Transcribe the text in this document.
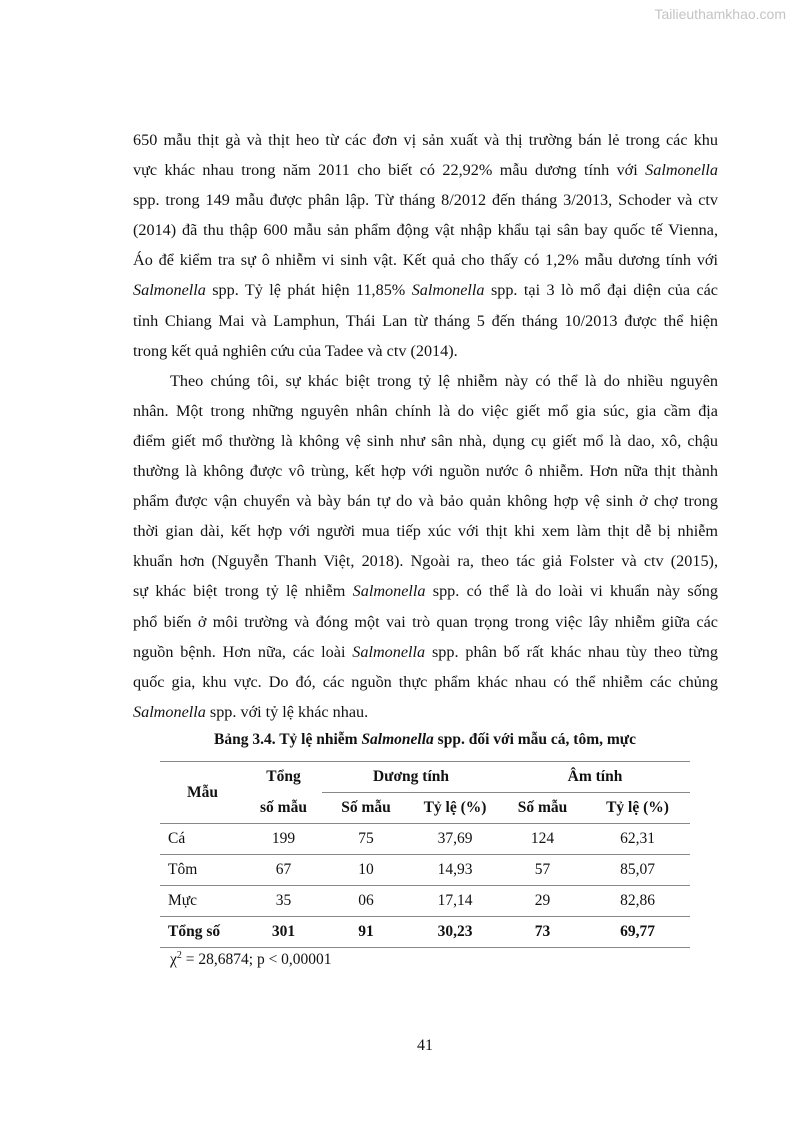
Tailieuthamkhao.com
650 mẫu thịt gà và thịt heo từ các đơn vị sản xuất và thị trường bán lẻ trong các khu
vực khác nhau trong năm 2011 cho biết có 22,92% mẫu dương tính với Salmonella
spp. trong 149 mẫu được phân lập. Từ tháng 8/2012 đến tháng 3/2013, Schoder và ctv
(2014) đã thu thập 600 mẫu sản phẩm động vật nhập khẩu tại sân bay quốc tế Vienna,
Áo để kiểm tra sự ô nhiễm vi sinh vật. Kết quả cho thấy có 1,2% mẫu dương tính với
Salmonella spp. Tỷ lệ phát hiện 11,85% Salmonella spp. tại 3 lò mổ đại diện của các
tỉnh Chiang Mai và Lamphun, Thái Lan từ tháng 5 đến tháng 10/2013 được thể hiện
trong kết quả nghiên cứu của Tadee và ctv (2014).
Theo chúng tôi, sự khác biệt trong tỷ lệ nhiễm này có thể là do nhiều nguyên
nhân. Một trong những nguyên nhân chính là do việc giết mổ gia súc, gia cầm địa
điểm giết mổ thường là không vệ sinh như sân nhà, dụng cụ giết mổ là dao, xô, chậu
thường là không được vô trùng, kết hợp với nguồn nước ô nhiễm. Hơn nữa thịt thành
phẩm được vận chuyển và bày bán tự do và bảo quản không hợp vệ sinh ở chợ trong
thời gian dài, kết hợp với người mua tiếp xúc với thịt khi xem làm thịt dễ bị nhiễm
khuẩn hơn (Nguyễn Thanh Việt, 2018). Ngoài ra, theo tác giả Folster và ctv (2015),
sự khác biệt trong tỷ lệ nhiễm Salmonella spp. có thể là do loài vi khuẩn này sống
phổ biến ở môi trường và đóng một vai trò quan trọng trong việc lây nhiễm giữa các
nguồn bệnh. Hơn nữa, các loài Salmonella spp. phân bố rất khác nhau tùy theo từng
quốc gia, khu vực. Do đó, các nguồn thực phẩm khác nhau có thể nhiễm các chủng
Salmonella spp. với tỷ lệ khác nhau.
Bảng 3.4. Tỷ lệ nhiễm Salmonella spp. đối với mẫu cá, tôm, mực
Mẫu	Tổng	Dương tính		Âm tính	
	số mẫu	Số mẫu	Tỷ lệ (%)	Số mẫu	Tỷ lệ (%)
Cá	199	75	37,69	124	62,31
Tôm	67	10	14,93	57	85,07
Mực	35	06	17,14	29	82,86
Tổng số	301	91	30,23	73	69,77
$\chi^2 = 28,6874$; p < 0,00001
41
